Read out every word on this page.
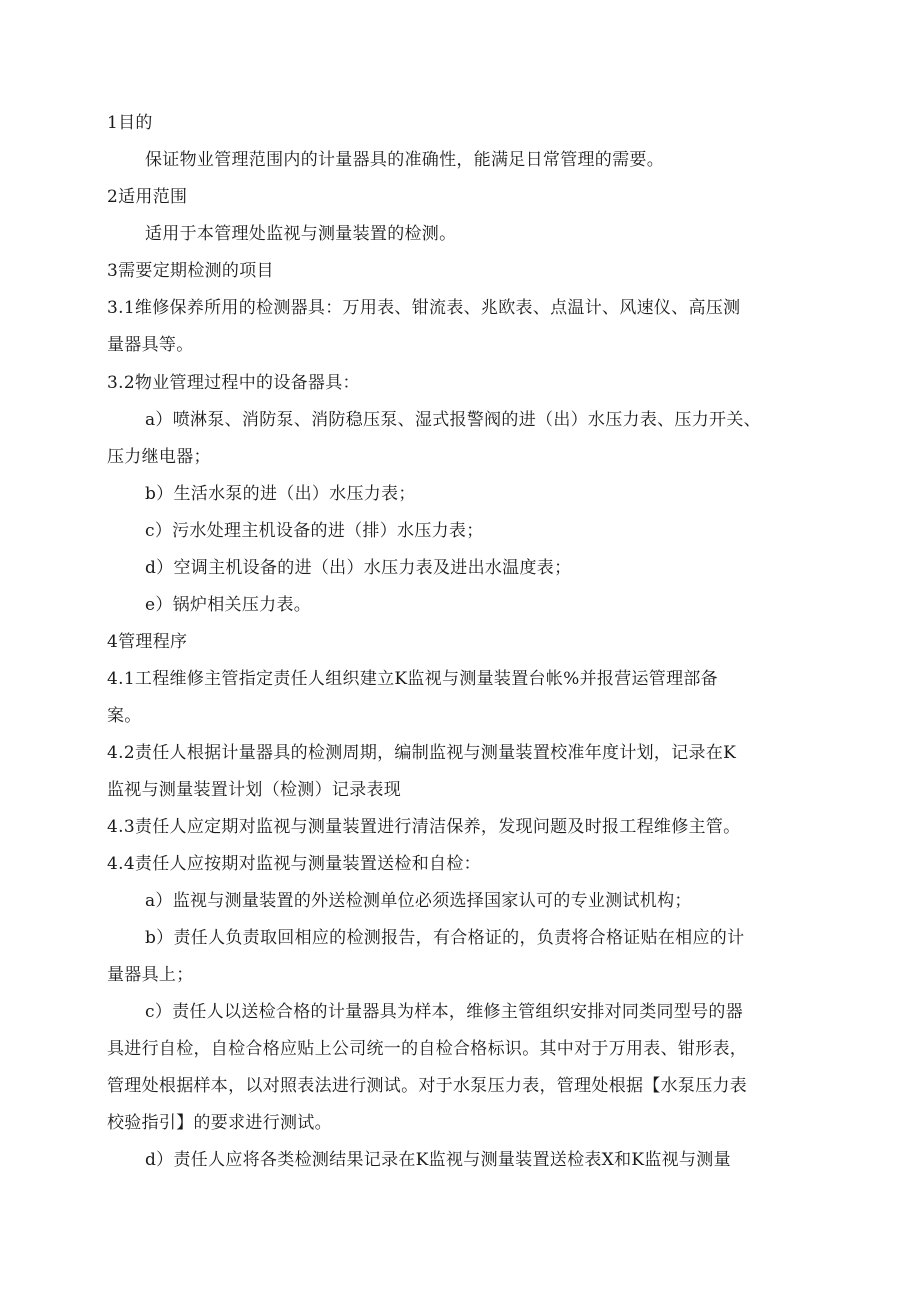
1目的
保证物业管理范围内的计量器具的准确性，能满足日常管理的需要。
2适用范围
适用于本管理处监视与测量装置的检测。
3需要定期检测的项目
3.1维修保养所用的检测器具：万用表、钳流表、兆欧表、点温计、风速仪、高压测
量器具等。
3.2物业管理过程中的设备器具：
a）喷淋泵、消防泵、消防稳压泵、湿式报警阀的进（出）水压力表、压力开关、
压力继电器；
b）生活水泵的进（出）水压力表；
c）污水处理主机设备的进（排）水压力表；
d）空调主机设备的进（出）水压力表及进出水温度表；
e）锅炉相关压力表。
4管理程序
4.1工程维修主管指定责任人组织建立K监视与测量装置台帐%并报营运管理部备
案。
4.2责任人根据计量器具的检测周期，编制监视与测量装置校准年度计划，记录在K
监视与测量装置计划（检测）记录表现
4.3责任人应定期对监视与测量装置进行清洁保养，发现问题及时报工程维修主管。
4.4责任人应按期对监视与测量装置送检和自检：
a）监视与测量装置的外送检测单位必须选择国家认可的专业测试机构；
b）责任人负责取回相应的检测报告，有合格证的，负责将合格证贴在相应的计
量器具上；
c）责任人以送检合格的计量器具为样本，维修主管组织安排对同类同型号的器
具进行自检，自检合格应贴上公司统一的自检合格标识。其中对于万用表、钳形表，
管理处根据样本，以对照表法进行测试。对于水泵压力表，管理处根据【水泵压力表
校验指引】的要求进行测试。
d）责任人应将各类检测结果记录在K监视与测量装置送检表X和K监视与测量
